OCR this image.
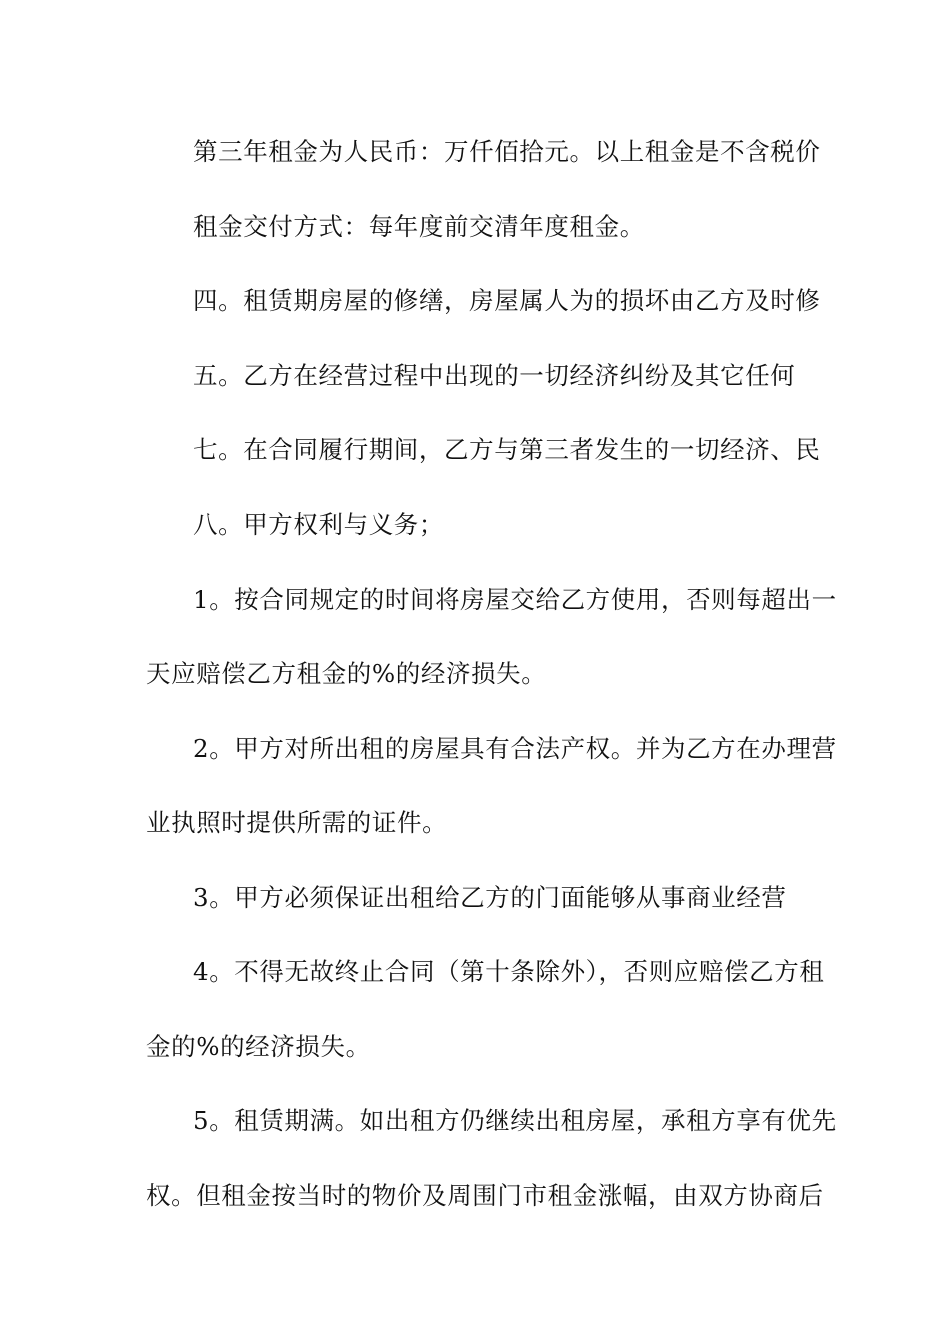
第三年租金为人民币：万仟佰拾元。以上租金是不含税价
租金交付方式：每年度前交清年度租金。
四。租赁期房屋的修缮，房屋属人为的损坏由乙方及时修
五。乙方在经营过程中出现的一切经济纠纷及其它任何
七。在合同履行期间，乙方与第三者发生的一切经济、民
八。甲方权利与义务；
1。按合同规定的时间将房屋交给乙方使用，否则每超出一
天应赔偿乙方租金的%的经济损失。
2。甲方对所出租的房屋具有合法产权。并为乙方在办理营
业执照时提供所需的证件。
3。甲方必须保证出租给乙方的门面能够从事商业经营
4。不得无故终止合同（第十条除外），否则应赔偿乙方租
金的%的经济损失。
5。租赁期满。如出租方仍继续出租房屋，承租方享有优先
权。但租金按当时的物价及周围门市租金涨幅，由双方协商后
